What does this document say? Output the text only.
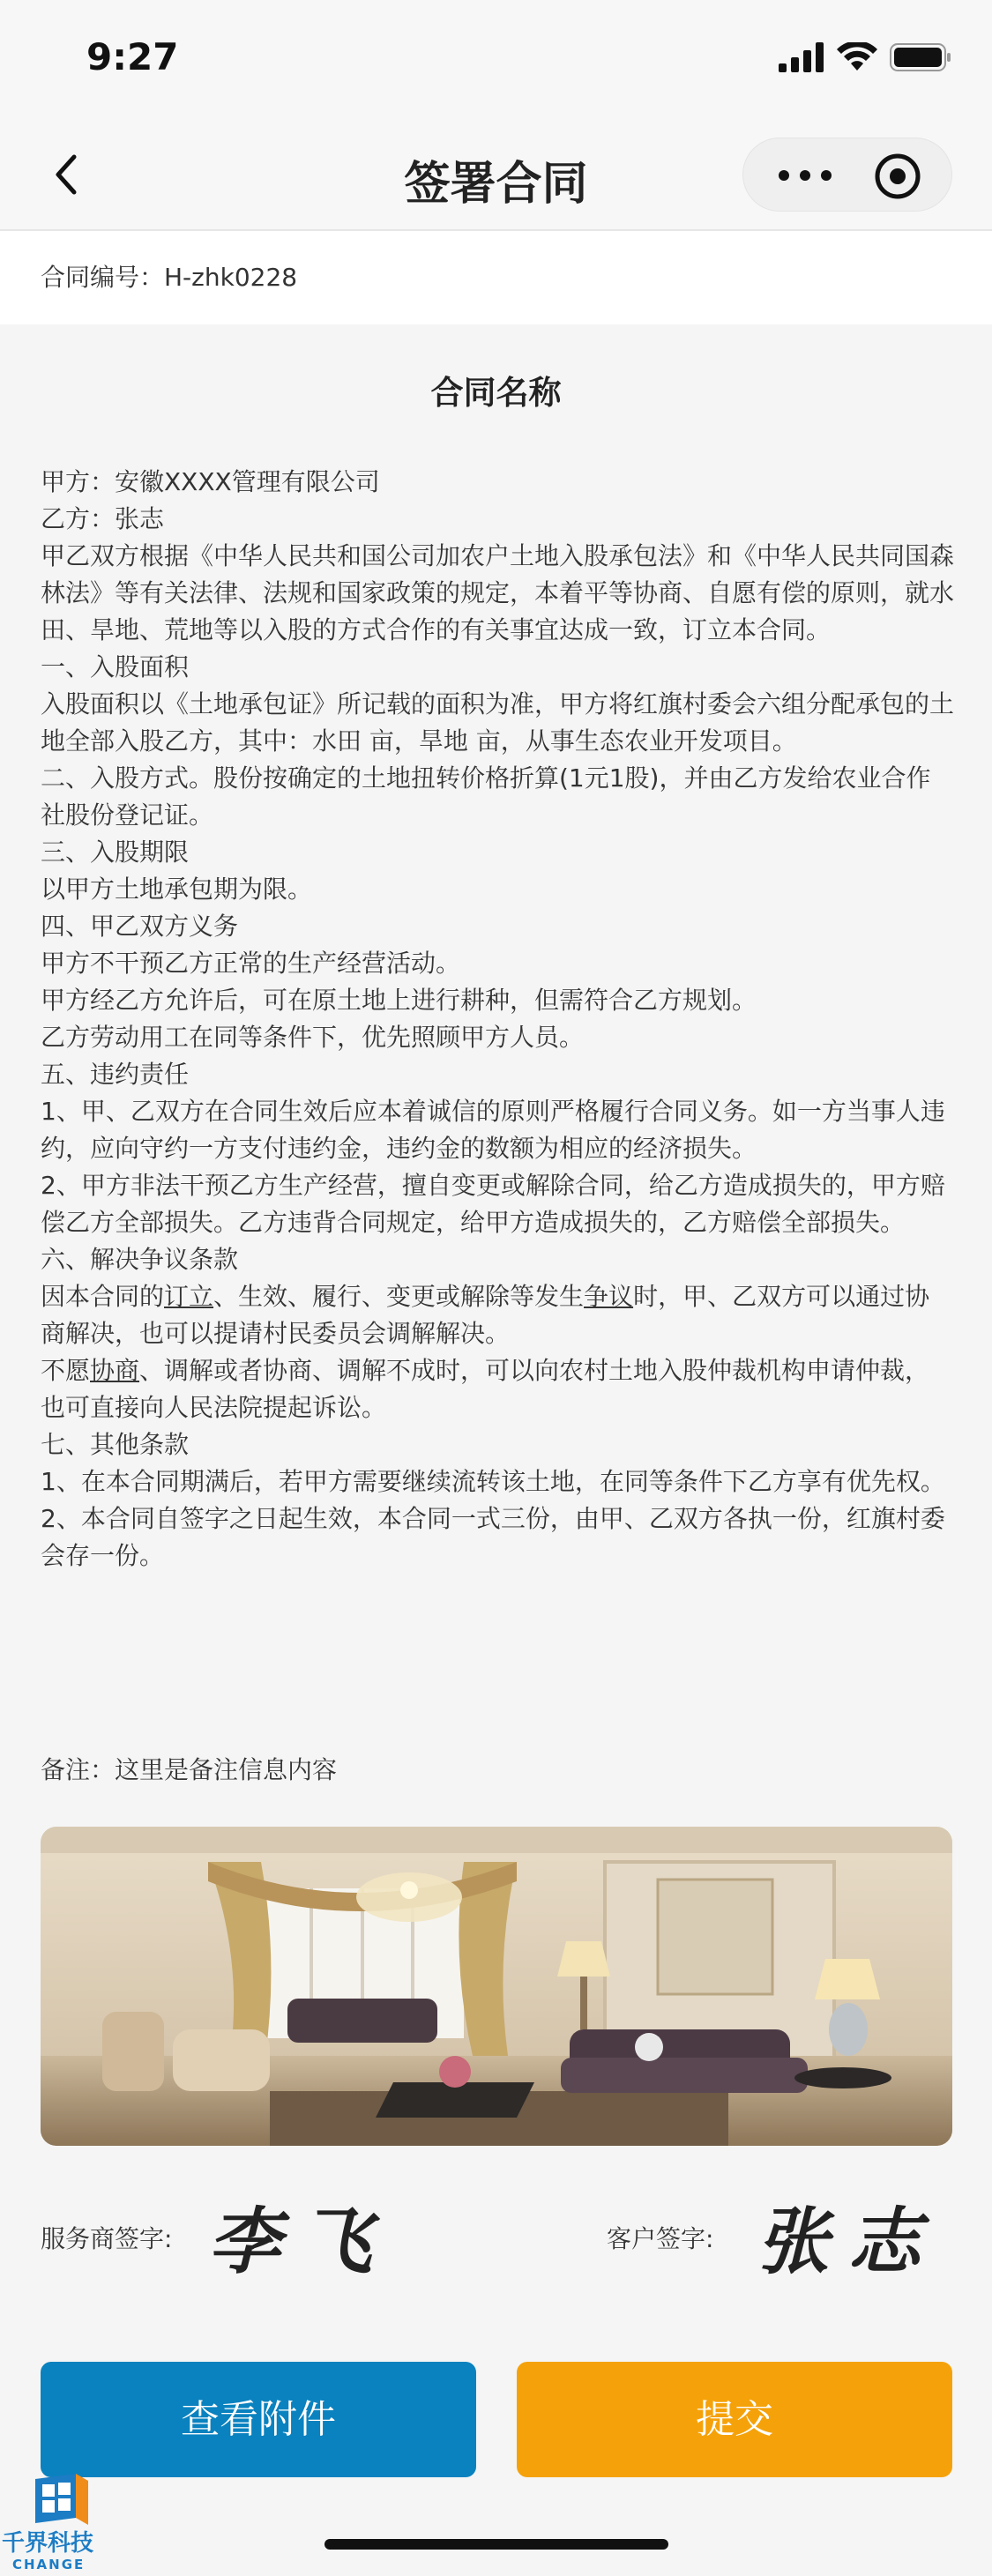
9:27
签署合同
合同编号：H-zhk0228
合同名称

甲方：安徽XXXX管理有限公司

乙方：张志

甲乙双方根据《中华人民共和国公司加农户土地入股承包法》和《中华人民共同国森林法》等有关法律、法规和国家政策的规定，本着平等协商、自愿有偿的原则，就水田、旱地、荒地等以入股的方式合作的有关事宜达成一致，订立本合同。

一、入股面积

入股面积以《土地承包证》所记载的面积为准，甲方将红旗村委会六组分配承包的土地全部入股乙方，其中：水田 亩，旱地 亩，从事生态农业开发项目。

二、入股方式。股份按确定的土地扭转价格折算(1元1股)，并由乙方发给农业合作社股份登记证。

三、入股期限

以甲方土地承包期为限。

四、甲乙双方义务

甲方不干预乙方正常的生产经营活动。

甲方经乙方允许后，可在原土地上进行耕种，但需符合乙方规划。

乙方劳动用工在同等条件下，优先照顾甲方人员。

五、违约责任

1、甲、乙双方在合同生效后应本着诚信的原则严格履行合同义务。如一方当事人违约，应向守约一方支付违约金，违约金的数额为相应的经济损失。

2、甲方非法干预乙方生产经营，擅自变更或解除合同，给乙方造成损失的，甲方赔偿乙方全部损失。乙方违背合同规定，给甲方造成损失的，乙方赔偿全部损失。

六、解决争议条款

因本合同的订立、生效、履行、变更或解除等发生争议时，甲、乙双方可以通过协商解决，也可以提请村民委员会调解解决。

不愿协商、调解或者协商、调解不成时，可以向农村土地入股仲裁机构申请仲裁，也可直接向人民法院提起诉讼。

七、其他条款

1、在本合同期满后，若甲方需要继续流转该土地，在同等条件下乙方享有优先权。

2、本合同自签字之日起生效，本合同一式三份，由甲、乙双方各执一份，红旗村委会存一份。

备注：这里是备注信息内容
服务商签字: 李飞	客户签字: 张志
查看附件	提交
千界科技
CHANGE
